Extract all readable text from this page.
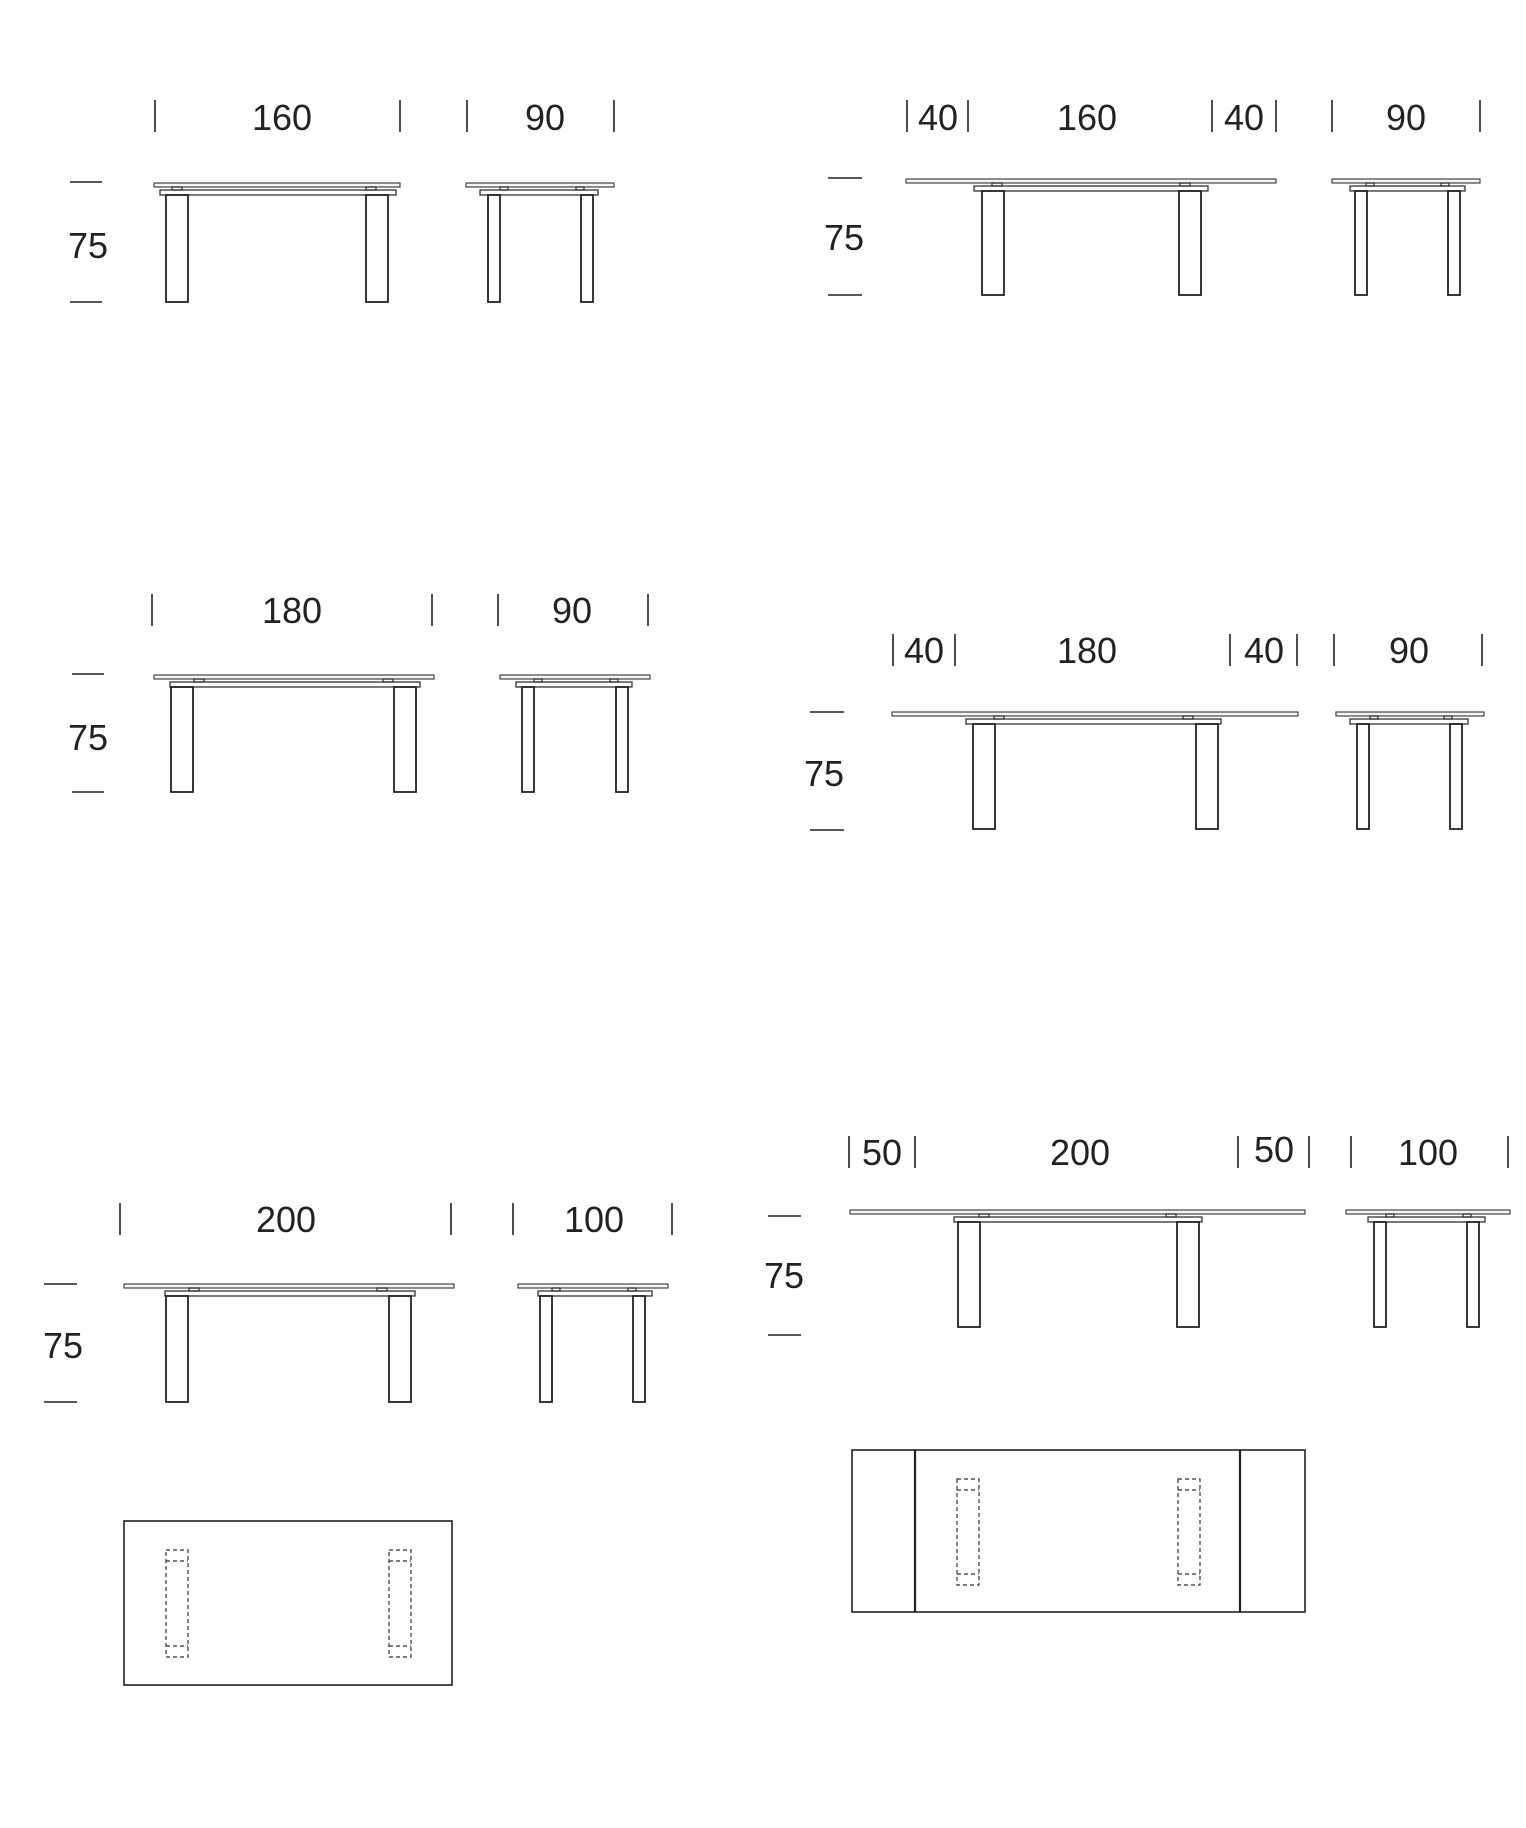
160	90
75
40	160	40	90
75
180	90
75
40	180	40	90
75
200	100
75
50	200	50	100
75
